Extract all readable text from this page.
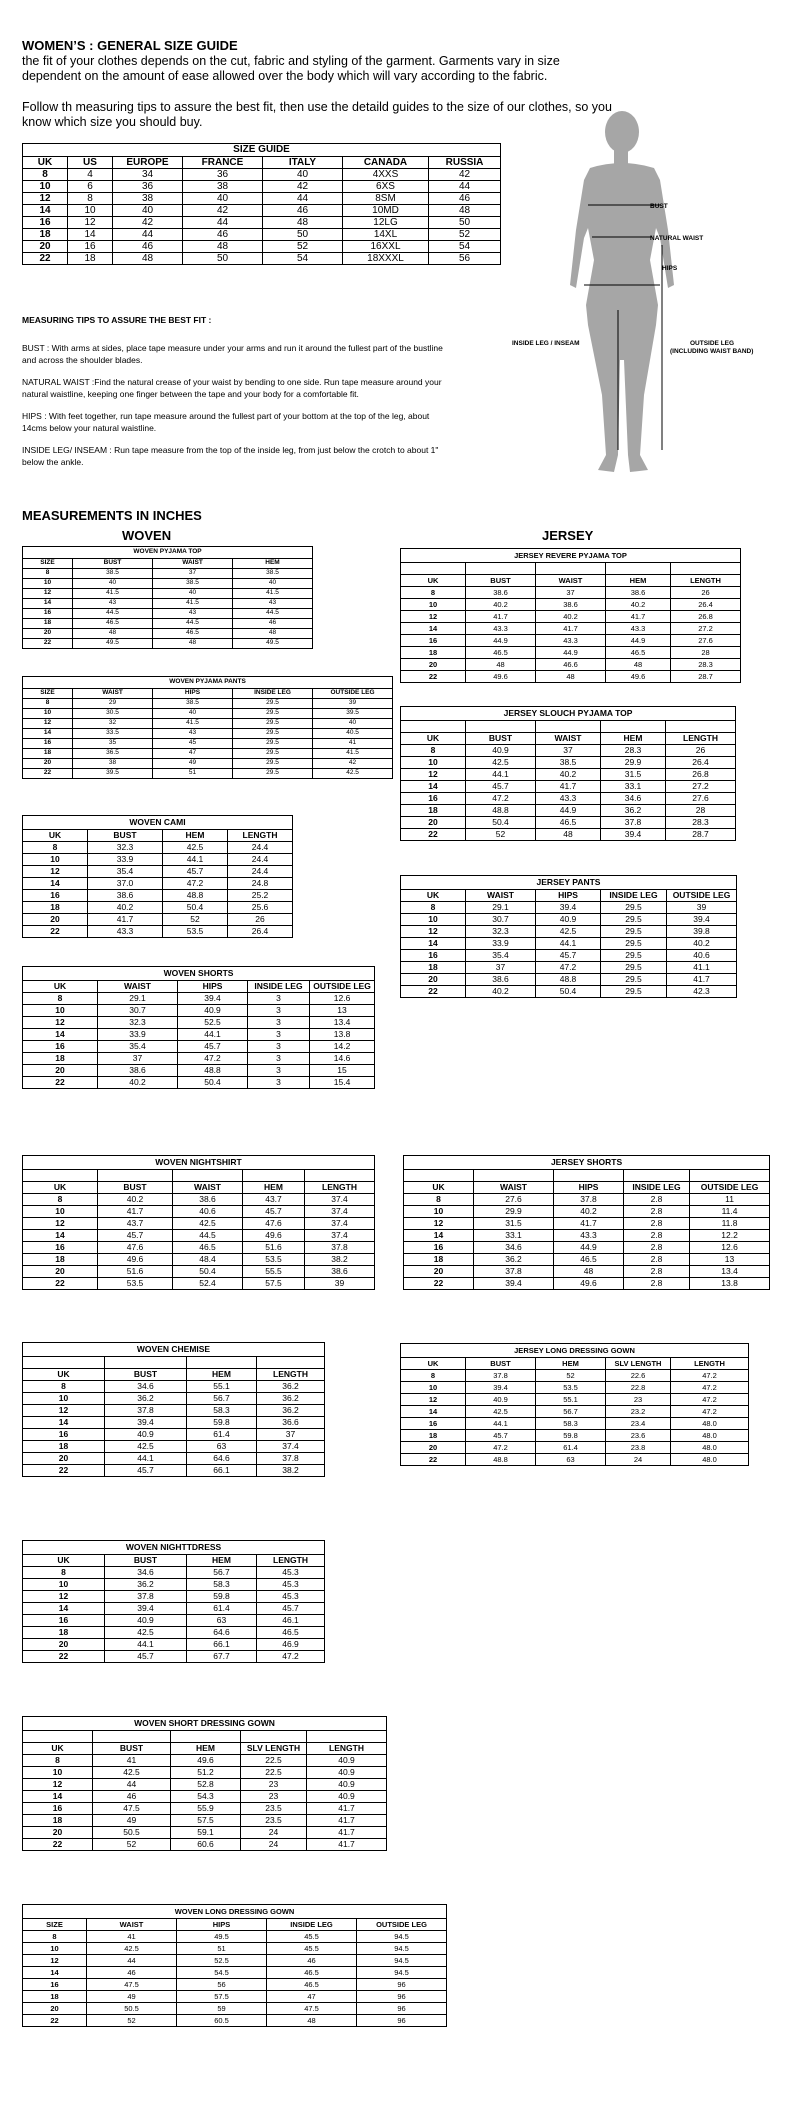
WOMEN’S : GENERAL SIZE GUIDE
the fit of your clothes depends on the cut, fabric and styling of the garment. Garments vary in size dependent on the amount of ease allowed over the body which will vary according to the fabric.
Follow th measuring tips to assure the best fit, then use the detaild guides to the size of our clothes, so you know which size you should buy.
SIZE GUIDE						
UK	US	EUROPE	FRANCE	ITALY	CANADA	RUSSIA
8	4	34	36	40	4XXS	42
10	6	36	38	42	6XS	44
12	8	38	40	44	8SM	46
14	10	40	42	46	10MD	48
16	12	42	44	48	12LG	50
18	14	44	46	50	14XL	52
20	16	46	48	52	16XXL	54
22	18	48	50	54	18XXXL	56
MEASURING TIPS TO ASSURE THE BEST FIT :
BUST : With arms at sides, place tape measure under your arms and run it around the fullest part of the bustline and across the shoulder blades.
NATURAL WAIST :Find the natural crease of your waist by bending to one side. Run tape measure around your natural waistline, keeping one finger between the tape and your body for a comfortable fit.
HIPS : With feet together, run tape measure around the fullest part of your bottom at the top of the leg, about 14cms below your natural waistline.
INSIDE LEG/ INSEAM : Run tape measure from the top of the inside leg, from just below the crotch to about 1" below the ankle.
BUST
NATURAL WAIST
HIPS
INSIDE LEG / INSEAM	OUTSIDE LEG
(INCLUDING WAIST BAND)
MEASUREMENTS IN INCHES
WOVEN	JERSEY
WOVEN PYJAMA TOP			
SIZE	BUST	WAIST	HEM
8	38.5	37	38.5
10	40	38.5	40
12	41.5	40	41.5
14	43	41.5	43
16	44.5	43	44.5
18	46.5	44.5	46
20	48	46.5	48
22	49.5	48	49.5
WOVEN PYJAMA PANTS				
SIZE	WAIST	HIPS	INSIDE LEG	OUTSIDE LEG
8	29	38.5	29.5	39
10	30.5	40	29.5	39.5
12	32	41.5	29.5	40
14	33.5	43	29.5	40.5
16	35	45	29.5	41
18	36.5	47	29.5	41.5
20	38	49	29.5	42
22	39.5	51	29.5	42.5
WOVEN CAMI			
UK	BUST	HEM	LENGTH
8	32.3	42.5	24.4
10	33.9	44.1	24.4
12	35.4	45.7	24.4
14	37.0	47.2	24.8
16	38.6	48.8	25.2
18	40.2	50.4	25.6
20	41.7	52	26
22	43.3	53.5	26.4
WOVEN SHORTS				
UK	WAIST	HIPS	INSIDE LEG	OUTSIDE LEG
8	29.1	39.4	3	12.6
10	30.7	40.9	3	13
12	32.3	52.5	3	13.4
14	33.9	44.1	3	13.8
16	35.4	45.7	3	14.2
18	37	47.2	3	14.6
20	38.6	48.8	3	15
22	40.2	50.4	3	15.4
JERSEY REVERE PYJAMA TOP				

UK	BUST	WAIST	HEM	LENGTH
8	38.6	37	38.6	26
10	40.2	38.6	40.2	26.4
12	41.7	40.2	41.7	26.8
14	43.3	41.7	43.3	27.2
16	44.9	43.3	44.9	27.6
18	46.5	44.9	46.5	28
20	48	46.6	48	28.3
22	49.6	48	49.6	28.7
JERSEY SLOUCH PYJAMA TOP				

UK	BUST	WAIST	HEM	LENGTH
8	40.9	37	28.3	26
10	42.5	38.5	29.9	26.4
12	44.1	40.2	31.5	26.8
14	45.7	41.7	33.1	27.2
16	47.2	43.3	34.6	27.6
18	48.8	44.9	36.2	28
20	50.4	46.5	37.8	28.3
22	52	48	39.4	28.7
JERSEY PANTS				
UK	WAIST	HIPS	INSIDE LEG	OUTSIDE LEG
8	29.1	39.4	29.5	39
10	30.7	40.9	29.5	39.4
12	32.3	42.5	29.5	39.8
14	33.9	44.1	29.5	40.2
16	35.4	45.7	29.5	40.6
18	37	47.2	29.5	41.1
20	38.6	48.8	29.5	41.7
22	40.2	50.4	29.5	42.3
WOVEN NIGHTSHIRT				

UK	BUST	WAIST	HEM	LENGTH
8	40.2	38.6	43.7	37.4
10	41.7	40.6	45.7	37.4
12	43.7	42.5	47.6	37.4
14	45.7	44.5	49.6	37.4
16	47.6	46.5	51.6	37.8
18	49.6	48.4	53.5	38.2
20	51.6	50.4	55.5	38.6
22	53.5	52.4	57.5	39
JERSEY SHORTS				

UK	WAIST	HIPS	INSIDE LEG	OUTSIDE LEG
8	27.6	37.8	2.8	11
10	29.9	40.2	2.8	11.4
12	31.5	41.7	2.8	11.8
14	33.1	43.3	2.8	12.2
16	34.6	44.9	2.8	12.6
18	36.2	46.5	2.8	13
20	37.8	48	2.8	13.4
22	39.4	49.6	2.8	13.8
WOVEN CHEMISE			

UK	BUST	HEM	LENGTH
8	34.6	55.1	36.2
10	36.2	56.7	36.2
12	37.8	58.3	36.2
14	39.4	59.8	36.6
16	40.9	61.4	37
18	42.5	63	37.4
20	44.1	64.6	37.8
22	45.7	66.1	38.2
JERSEY LONG DRESSING GOWN				
UK	BUST	HEM	SLV LENGTH	LENGTH
8	37.8	52	22.6	47.2
10	39.4	53.5	22.8	47.2
12	40.9	55.1	23	47.2
14	42.5	56.7	23.2	47.2
16	44.1	58.3	23.4	48.0
18	45.7	59.8	23.6	48.0
20	47.2	61.4	23.8	48.0
22	48.8	63	24	48.0
WOVEN NIGHTTDRESS			
UK	BUST	HEM	LENGTH
8	34.6	56.7	45.3
10	36.2	58.3	45.3
12	37.8	59.8	45.3
14	39.4	61.4	45.7
16	40.9	63	46.1
18	42.5	64.6	46.5
20	44.1	66.1	46.9
22	45.7	67.7	47.2
WOVEN SHORT DRESSING GOWN				

UK	BUST	HEM	SLV LENGTH	LENGTH
8	41	49.6	22.5	40.9
10	42.5	51.2	22.5	40.9
12	44	52.8	23	40.9
14	46	54.3	23	40.9
16	47.5	55.9	23.5	41.7
18	49	57.5	23.5	41.7
20	50.5	59.1	24	41.7
22	52	60.6	24	41.7
WOVEN LONG DRESSING GOWN				
SIZE	WAIST	HIPS	INSIDE LEG	OUTSIDE LEG
8	41	49.5	45.5	94.5
10	42.5	51	45.5	94.5
12	44	52.5	46	94.5
14	46	54.5	46.5	94.5
16	47.5	56	46.5	96
18	49	57.5	47	96
20	50.5	59	47.5	96
22	52	60.5	48	96
